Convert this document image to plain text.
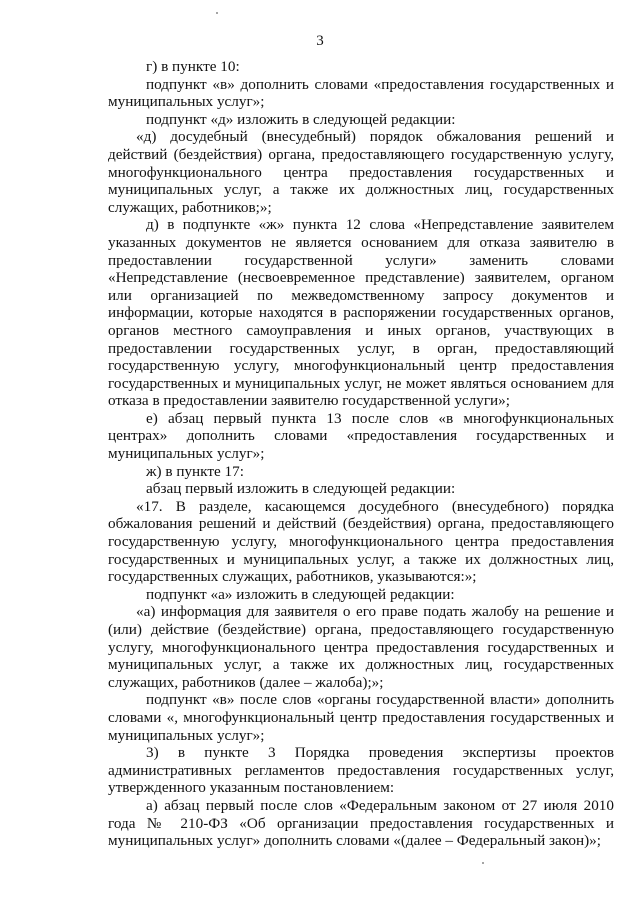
3

г) в пункте 10:

подпункт «в» дополнить словами «предоставления государственных и муниципальных услуг»;

подпункт «д» изложить в следующей редакции:

«д) досудебный (внесудебный) порядок обжалования решений и действий (бездействия) органа, предоставляющего государственную услугу, многофункционального центра предоставления государственных и муниципальных услуг, а также их должностных лиц, государственных служащих, работников;»;

д) в подпункте «ж» пункта 12 слова «Непредставление заявителем указанных документов не является основанием для отказа заявителю в предоставлении государственной услуги» заменить словами «Непредставление (несвоевременное представление) заявителем, органом или организацией по межведомственному запросу документов и информации, которые находятся в распоряжении государственных органов, органов местного самоуправления и иных органов, участвующих в предоставлении государственных услуг, в орган, предоставляющий государственную услугу, многофункциональный центр предоставления государственных и муниципальных услуг, не может являться основанием для отказа в предоставлении заявителю государственной услуги»;

е) абзац первый пункта 13 после слов «в многофункциональных центрах» дополнить словами «предоставления государственных и муниципальных услуг»;

ж) в пункте 17:

абзац первый изложить в следующей редакции:

«17. В разделе, касающемся досудебного (внесудебного) порядка обжалования решений и действий (бездействия) органа, предоставляющего государственную услугу, многофункционального центра предоставления государственных и муниципальных услуг, а также их должностных лиц, государственных служащих, работников, указываются:»;

подпункт «а» изложить в следующей редакции:

«а) информация для заявителя о его праве подать жалобу на решение и (или) действие (бездействие) органа, предоставляющего государственную услугу, многофункционального центра предоставления государственных и муниципальных услуг, а также их должностных лиц, государственных служащих, работников (далее – жалоба);»;

подпункт «в» после слов «органы государственной власти» дополнить словами «, многофункциональный центр предоставления государственных и муниципальных услуг»;

3) в пункте 3 Порядка проведения экспертизы проектов административных регламентов предоставления государственных услуг, утвержденного указанным постановлением:

а) абзац первый после слов «Федеральным законом от 27 июля 2010 года № 210-ФЗ «Об организации предоставления государственных и муниципальных услуг» дополнить словами «(далее – Федеральный закон)»;
